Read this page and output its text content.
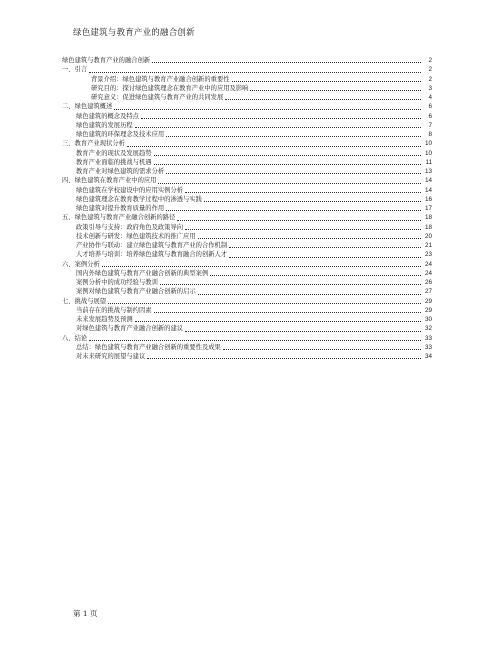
绿色建筑与教育产业的融合创新
绿色建筑与教育产业的融合创新	2
一、引言	2
背景介绍：绿色建筑与教育产业融合创新的重要性	2
研究目的：探讨绿色建筑理念在教育产业中的应用及影响	3
研究意义：促进绿色建筑与教育产业的共同发展	4
二、绿色建筑概述	6
绿色建筑的概念及特点	6
绿色建筑的发展历程	7
绿色建筑的环保理念及技术应用	8
三、教育产业现状分析	10
教育产业的现状及发展趋势	10
教育产业面临的挑战与机遇	11
教育产业对绿色建筑的需求分析	13
四、绿色建筑在教育产业中的应用	14
绿色建筑在学校建设中的应用实例分析	14
绿色建筑理念在教育教学过程中的渗透与实践	16
绿色建筑对提升教育质量的作用	17
五、绿色建筑与教育产业融合创新的路径	18
政策引导与支持：政府角色及政策导向	18
技术创新与研发：绿色建筑技术的推广应用	20
产业协作与联动：建立绿色建筑与教育产业的合作机制	21
人才培养与培训：培养绿色建筑与教育融合的创新人才	23
六、案例分析	24
国内外绿色建筑与教育产业融合创新的典型案例	24
案例分析中的成功经验与教训	26
案例对绿色建筑与教育产业融合创新的启示	27
七、挑战与展望	29
当前存在的挑战与制约因素	29
未来发展趋势及预测	30
对绿色建筑与教育产业融合创新的建议	32
八、结论	33
总结：绿色建筑与教育产业融合创新的重要性及成果	33
对未来研究的展望与建议	34
第 1 页
